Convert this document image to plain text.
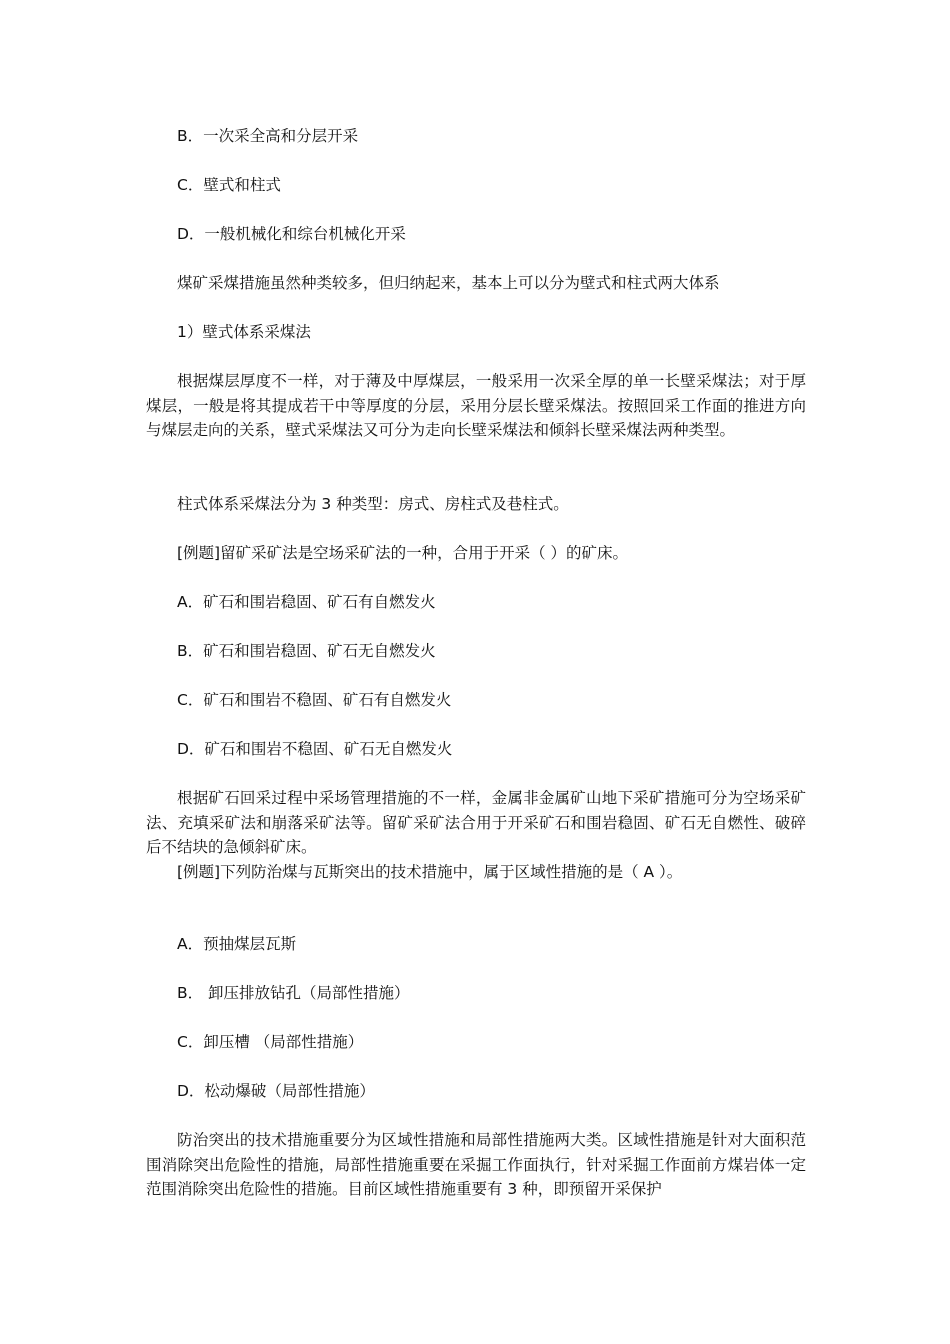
B．一次采全高和分层开采
C．壁式和柱式
D．一般机械化和综台机械化开采
煤矿采煤措施虽然种类较多，但归纳起来，基本上可以分为壁式和柱式两大体系
1）壁式体系采煤法
根据煤层厚度不一样，对于薄及中厚煤层，一般采用一次采全厚的单一长壁采煤法；对于厚煤层，一般是将其提成若干中等厚度的分层，采用分层长壁采煤法。按照回采工作面的推进方向与煤层走向的关系，壁式采煤法又可分为走向长壁采煤法和倾斜长壁采煤法两种类型。
柱式体系采煤法分为 3 种类型：房式、房柱式及巷柱式。
[例题]留矿采矿法是空场采矿法的一种，合用于开采（ ）的矿床。
A．矿石和围岩稳固、矿石有自燃发火
B．矿石和围岩稳固、矿石无自燃发火
C．矿石和围岩不稳固、矿石有自燃发火
D．矿石和围岩不稳固、矿石无自燃发火
根据矿石回采过程中采场管理措施的不一样，金属非金属矿山地下采矿措施可分为空场采矿法、充填采矿法和崩落采矿法等。留矿采矿法合用于开采矿石和围岩稳固、矿石无自燃性、破碎后不结块的急倾斜矿床。
[例题]下列防治煤与瓦斯突出的技术措施中，属于区域性措施的是（ A ）。
A．预抽煤层瓦斯
B． 卸压排放钻孔（局部性措施）
C．卸压槽 （局部性措施）
D．松动爆破（局部性措施）
防治突出的技术措施重要分为区域性措施和局部性措施两大类。区域性措施是针对大面积范围消除突出危险性的措施，局部性措施重要在采掘工作面执行，针对采掘工作面前方煤岩体一定范围消除突出危险性的措施。目前区域性措施重要有 3 种，即预留开采保护
